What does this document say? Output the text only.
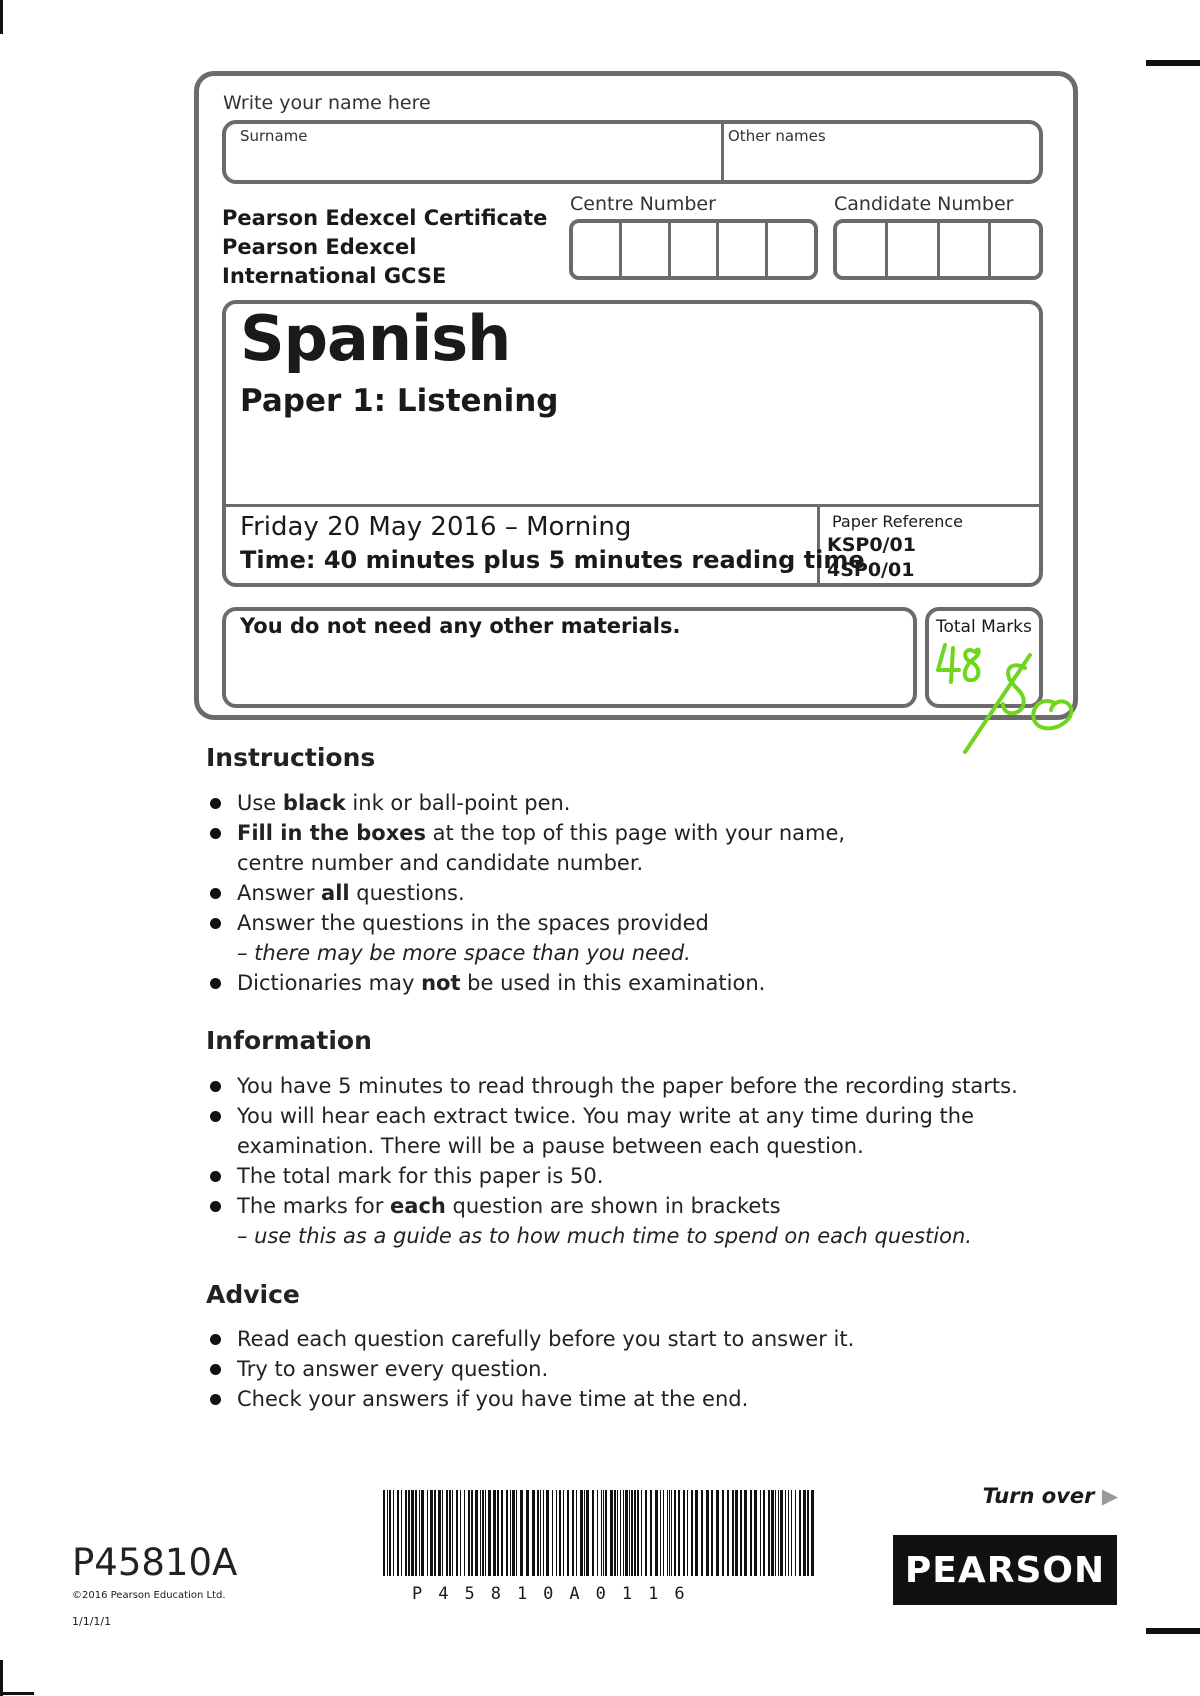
Write your name here
Surname	Other names
Pearson Edexcel Certificate
Pearson Edexcel
International GCSE
Centre Number	Candidate Number
Spanish
Paper 1: Listening
Friday 20 May 2016 – Morning
Time: 40 minutes plus 5 minutes reading time
Paper Reference
KSP0/01
4SP0/01
You do not need any other materials.	Total Marks
Instructions
Use black ink or ball-point pen.
Fill in the boxes at the top of this page with your name,
centre number and candidate number.
Answer all questions.
Answer the questions in the spaces provided
– there may be more space than you need.
Dictionaries may not be used in this examination.
Information
You have 5 minutes to read through the paper before the recording starts.
You will hear each extract twice. You may write at any time during the
examination. There will be a pause between each question.
The total mark for this paper is 50.
The marks for each question are shown in brackets
– use this as a guide as to how much time to spend on each question.
Advice
Read each question carefully before you start to answer it.
Try to answer every question.
Check your answers if you have time at the end.
Turn over ▶
P45810A
©2016 Pearson Education Ltd.
1/1/1/1
P45810A0116
PEARSON
